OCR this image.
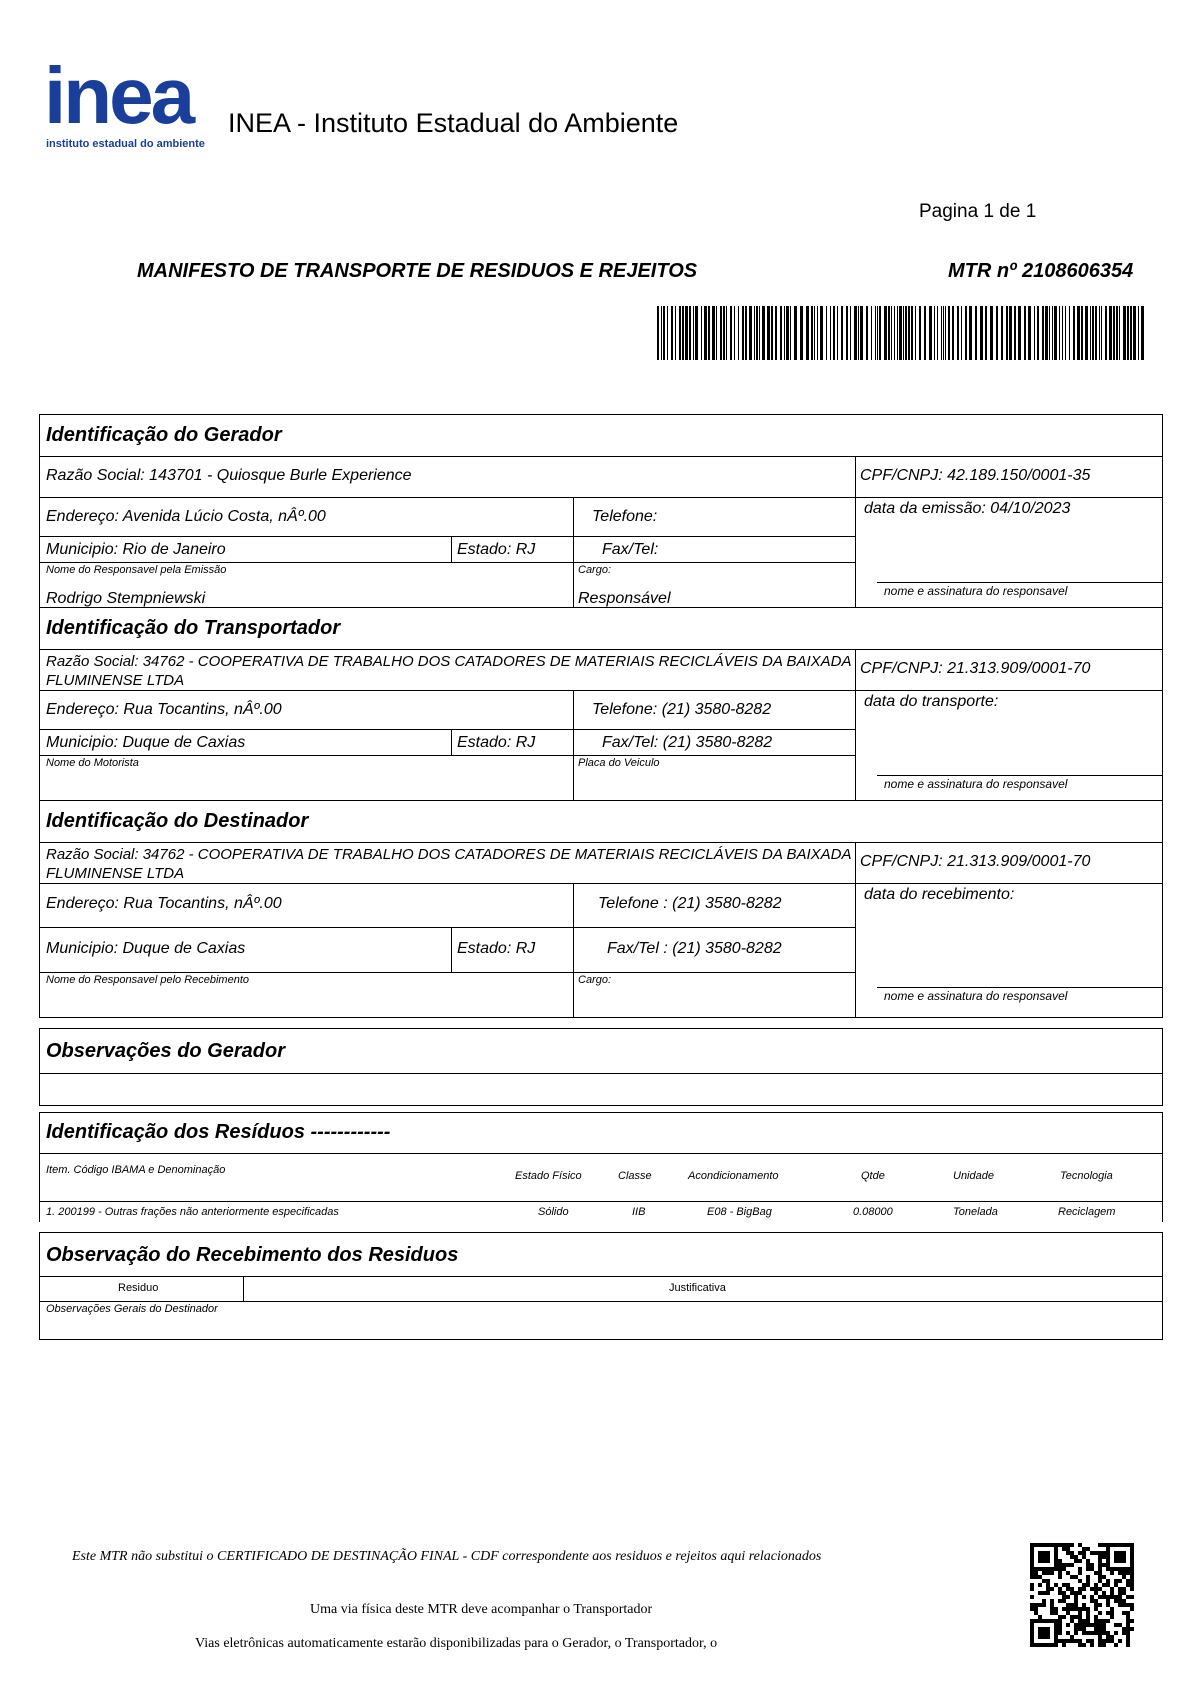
inea
instituto estadual do ambiente
INEA - Instituto Estadual do Ambiente
Pagina 1 de 1
MANIFESTO DE TRANSPORTE DE RESIDUOS E REJEITOS	MTR nº 2108606354
Identificação do Gerador
Razão Social: 143701 - Quiosque Burle Experience	CPF/CNPJ: 42.189.150/0001-35
Endereço: Avenida Lúcio Costa, nÂº.00	Telefone:	data da emissão: 04/10/2023
Municipio: Rio de Janeiro	Estado: RJ	Fax/Tel:
Nome do Responsavel pela Emissão	Cargo:
Rodrigo Stempniewski	Responsável	nome e assinatura do responsavel
Identificação do Transportador
Razão Social: 34762 - COOPERATIVA DE TRABALHO DOS CATADORES DE MATERIAIS RECICLÁVEIS DA BAIXADA FLUMINENSE LTDA
CPF/CNPJ: 21.313.909/0001-70
Endereço: Rua Tocantins, nÂº.00	Telefone: (21) 3580-8282	data do transporte:
Municipio: Duque de Caxias	Estado: RJ	Fax/Tel: (21) 3580-8282
Nome do Motorista	Placa do Veiculo
nome e assinatura do responsavel
Identificação do Destinador
Razão Social: 34762 - COOPERATIVA DE TRABALHO DOS CATADORES DE MATERIAIS RECICLÁVEIS DA BAIXADA FLUMINENSE LTDA
CPF/CNPJ: 21.313.909/0001-70
Endereço: Rua Tocantins, nÂº.00	Telefone : (21) 3580-8282
data do recebimento:
Municipio: Duque de Caxias	Estado: RJ	Fax/Tel : (21) 3580-8282
Nome do Responsavel pelo Recebimento	Cargo:
nome e assinatura do responsavel
Observações do Gerador
Identificação dos Resíduos ------------
Item. Código IBAMA e Denominação	Estado Físico	Classe	Acondicionamento	Qtde	Unidade	Tecnologia
1. 200199 - Outras frações não anteriormente especificadas	Sólido	IIB	E08 - BigBag	0.08000	Tonelada	Reciclagem
Observação do Recebimento dos Residuos
Residuo	Justificativa
Observações Gerais do Destinador
Este MTR não substitui o CERTIFICADO DE DESTINAÇÃO FINAL - CDF correspondente aos residuos e rejeitos aqui relacionados
Uma via física deste MTR deve acompanhar o Transportador
Vias eletrônicas automaticamente estarão disponibilizadas para o Gerador, o Transportador, o
